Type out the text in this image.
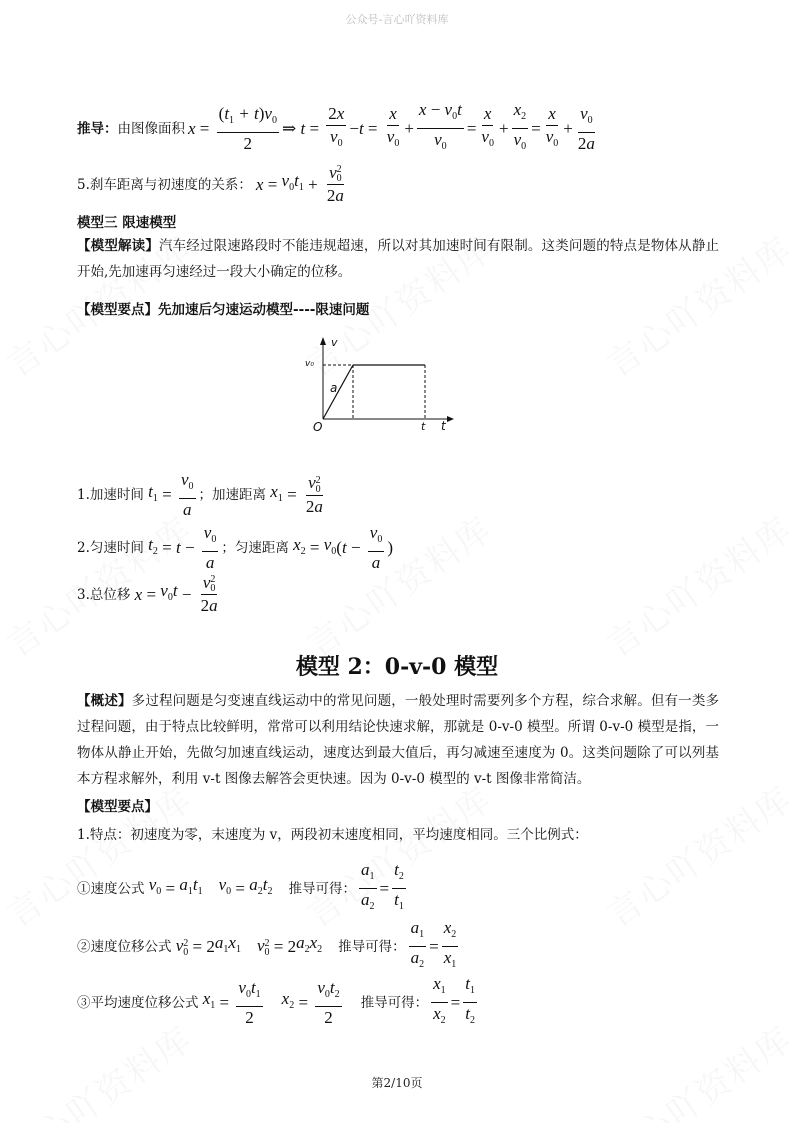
公众号-言心吖资料库
推导： 由图像面积 $x = \frac{(t_1 + t)v_0}{2}$ ⇒ $t = \frac{2x}{v_0} - t = \frac{x}{v_0} + \frac{x - v_0t}{v_0} = \frac{x}{v_0} + \frac{x_2}{v_0} = \frac{x}{v_0} + \frac{v_0}{2a}$
5.刹车距离与初速度的关系： $x = v_0t_1 + v$ 2
0
2a
模型三 限速模型
【模型解读】汽车经过限速路段时不能违规超速，所以对其加速时间有限制。这类问题的特点是物体从静止开始,先加速再匀速经过一段大小确定的位移。
【模型要点】先加速后匀速运动模型----限速问题
v
v₀
a
O	t t
1.加速时间 $t_1 = \frac{v_0}{a}$ ； 加速距离 $x_1 = v$ 2
0
2a
2.匀速时间 $t_2 = t - \frac{v_0}{a}$ ； 匀速距离 $x_2 = v_0$ ( $t - \frac{v_0}{a}$ )
3.总位移 $x = v_0t - v$ 2
0
2a
模型 2：0-v-0 模型
【概述】多过程问题是匀变速直线运动中的常见问题，一般处理时需要列多个方程，综合求解。但有一类多过程问题，由于特点比较鲜明，常常可以利用结论快速求解，那就是 0-v-0 模型。所谓 0-v-0 模型是指，一物体从静止开始，先做匀加速直线运动，速度达到最大值后，再匀减速至速度为 0。这类问题除了可以列基本方程求解外，利用 v-t 图像去解答会更快速。因为 0-v-0 模型的 v-t 图像非常简洁。
【模型要点】
1.特点：初速度为零，末速度为 v，两段初末速度相同，平均速度相同。三个比例式：
①速度公式 $v_0 = a_1t_1$ $v_0 = a_2t_2$ 推导可得： $\frac{a_1}{a_2} = \frac{t_2}{t_1}$
②速度位移公式 v 2
0 = 2 $a_1x_1$ v 2
0 = 2 $a_2x_2$ 推导可得： $\frac{a_1}{a_2} = \frac{x_2}{x_1}$
③平均速度位移公式 $x_1 = \frac{v_0t_1}{2} x_2 = \frac{v_0t_2}{2}$ 推导可得： $\frac{x_1}{x_2} = \frac{t_1}{t_2}$
第2/10页
